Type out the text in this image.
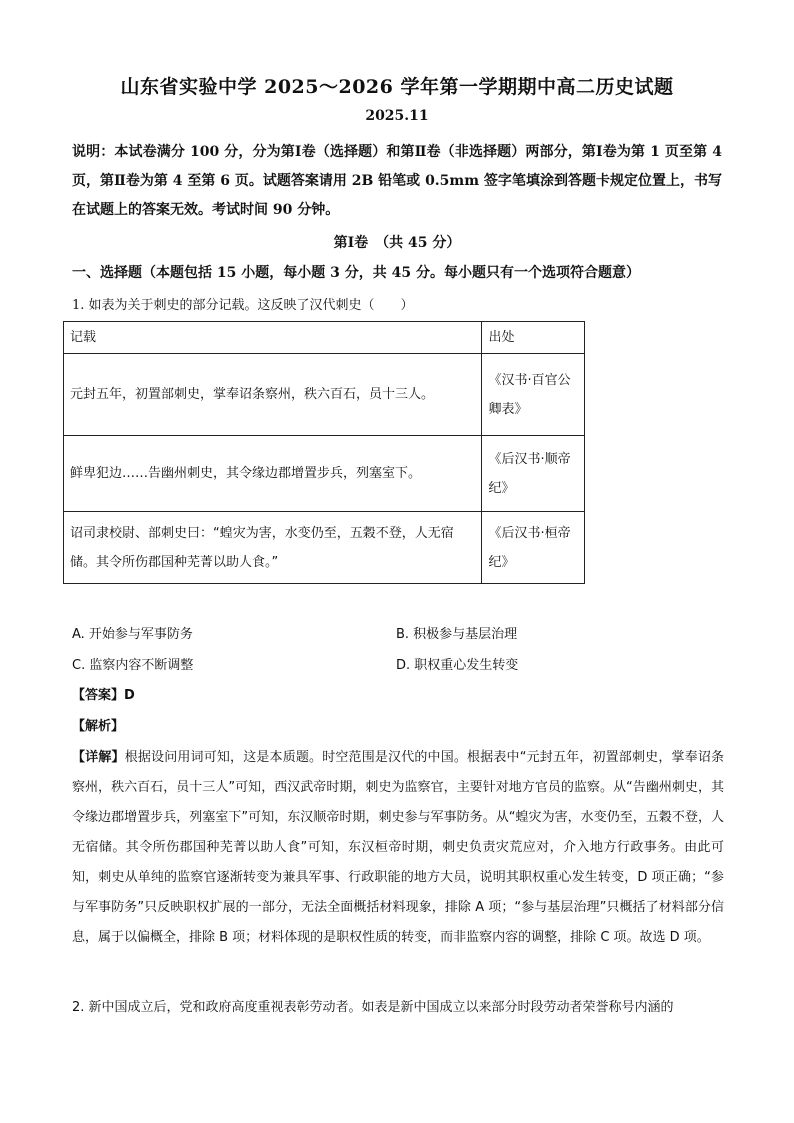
山东省实验中学 2025～2026 学年第一学期期中高二历史试题
2025.11
说明：本试卷满分 100 分，分为第Ⅰ卷（选择题）和第Ⅱ卷（非选择题）两部分，第Ⅰ卷为第 1 页至第 4 页，第Ⅱ卷为第 4 至第 6 页。试题答案请用 2B 铅笔或 0.5mm 签字笔填涂到答题卡规定位置上，书写在试题上的答案无效。考试时间 90 分钟。
第Ⅰ卷　（共 45 分）
一、选择题（本题包括 15 小题，每小题 3 分，共 45 分。每小题只有一个选项符合题意）
1. 如表为关于刺史的部分记载。这反映了汉代刺史（　　）
记载	出处
元封五年，初置部刺史，掌奉诏条察州，秩六百石，员十三人。	《汉书·百官公卿表》
鲜卑犯边……告幽州刺史，其令缘边郡增置步兵，列塞室下。	《后汉书·顺帝纪》
诏司隶校尉、部刺史曰：“蝗灾为害，水变仍至，五穀不登，人无宿储。其令所伤郡国种芜菁以助人食。”	《后汉书·桓帝纪》
A. 开始参与军事防务	B. 积极参与基层治理
C. 监察内容不断调整	D. 职权重心发生转变
【答案】D
【解析】
【详解】根据设问用词可知，这是本质题。时空范围是汉代的中国。根据表中“元封五年，初置部刺史，掌奉诏条察州，秩六百石，员十三人”可知，西汉武帝时期，刺史为监察官，主要针对地方官员的监察。从“告幽州刺史，其令缘边郡增置步兵，列塞室下”可知，东汉顺帝时期，刺史参与军事防务。从“蝗灾为害，水变仍至，五穀不登，人无宿储。其令所伤郡国种芜菁以助人食”可知，东汉桓帝时期，刺史负责灾荒应对，介入地方行政事务。由此可知，刺史从单纯的监察官逐渐转变为兼具军事、行政职能的地方大员，说明其职权重心发生转变，D 项正确；“参与军事防务”只反映职权扩展的一部分，无法全面概括材料现象，排除 A 项；“参与基层治理”只概括了材料部分信息，属于以偏概全，排除 B 项；材料体现的是职权性质的转变，而非监察内容的调整，排除 C 项。故选 D 项。
2. 新中国成立后，党和政府高度重视表彰劳动者。如表是新中国成立以来部分时段劳动者荣誉称号内涵的
